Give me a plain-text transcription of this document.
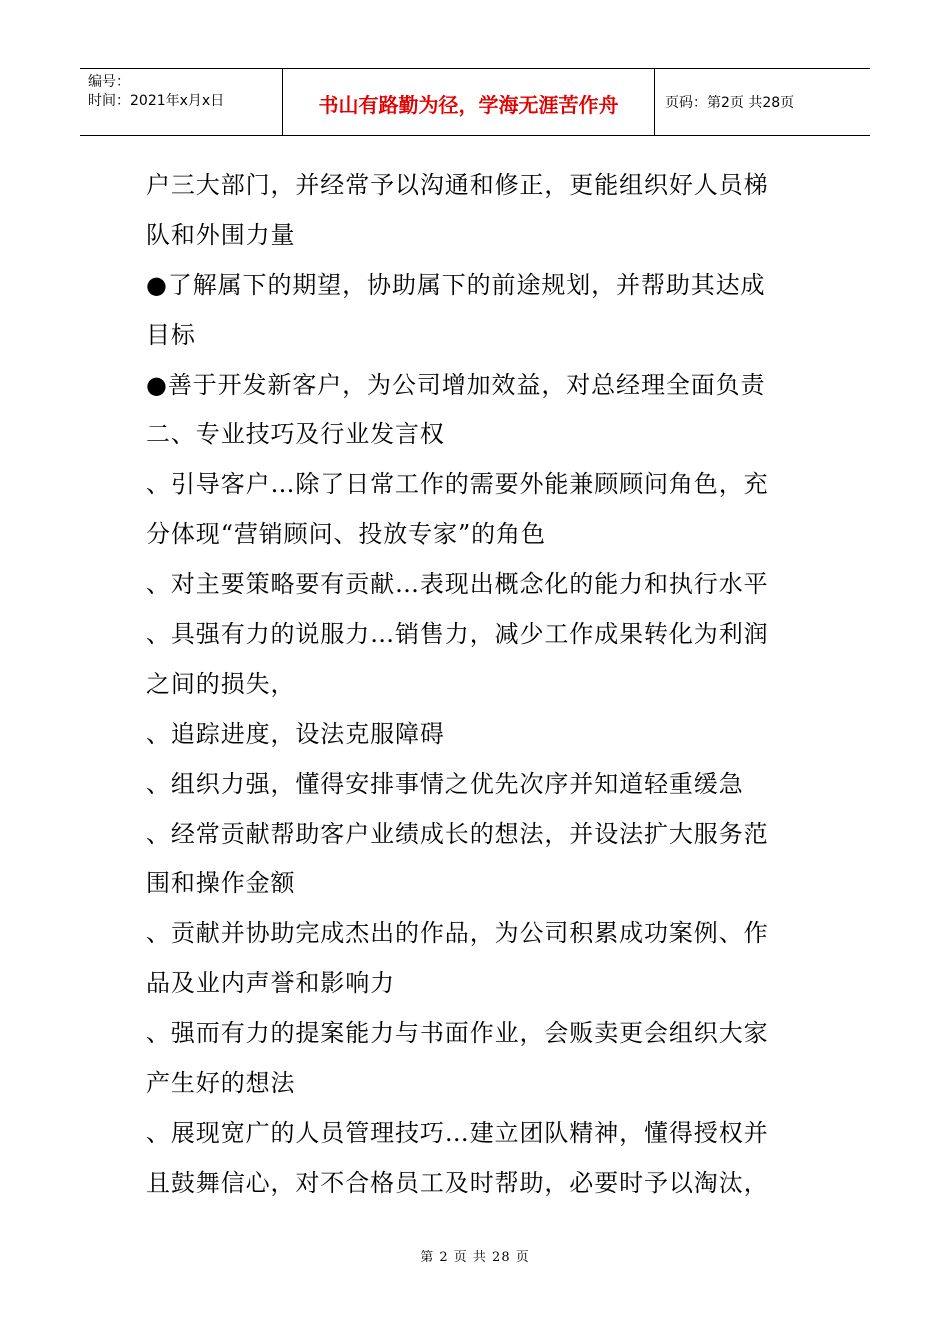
编号：
时间：2021年x月x日	书山有路勤为径，学海无涯苦作舟	页码：第2页 共28页
户三大部门，并经常予以沟通和修正，更能组织好人员梯
队和外围力量
●了解属下的期望，协助属下的前途规划，并帮助其达成
目标
●善于开发新客户，为公司增加效益，对总经理全面负责
二、专业技巧及行业发言权
、引导客户…除了日常工作的需要外能兼顾顾问角色，充
分体现“营销顾问、投放专家”的角色
、对主要策略要有贡献…表现出概念化的能力和执行水平
、具强有力的说服力…销售力，减少工作成果转化为利润
之间的损失，
、追踪进度，设法克服障碍
、组织力强，懂得安排事情之优先次序并知道轻重缓急
、经常贡献帮助客户业绩成长的想法，并设法扩大服务范
围和操作金额
、贡献并协助完成杰出的作品，为公司积累成功案例、作
品及业内声誉和影响力
、强而有力的提案能力与书面作业，会贩卖更会组织大家
产生好的想法
、展现宽广的人员管理技巧…建立团队精神，懂得授权并
且鼓舞信心，对不合格员工及时帮助，必要时予以淘汰，
第 2 页 共 28 页
